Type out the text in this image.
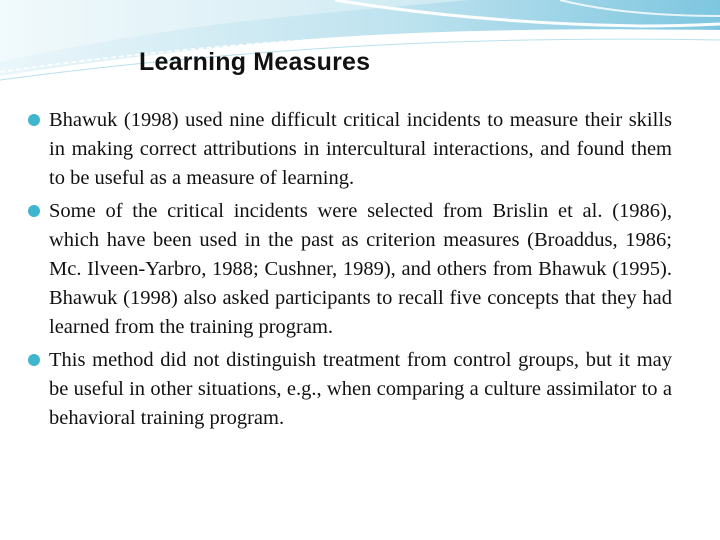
Learning Measures
Bhawuk (1998) used nine difficult critical incidents to measure their skills in making correct attributions in intercultural interactions, and found them to be useful as a measure of learning.
Some of the critical incidents were selected from Brislin et al. (1986), which have been used in the past as criterion measures (Broaddus, 1986; Mc. Ilveen-Yarbro, 1988; Cushner, 1989), and others from Bhawuk (1995). Bhawuk (1998) also asked participants to recall five concepts that they had learned from the training program.
This method did not distinguish treatment from control groups, but it may be useful in other situations, e.g., when comparing a culture assimilator to a behavioral training program.
